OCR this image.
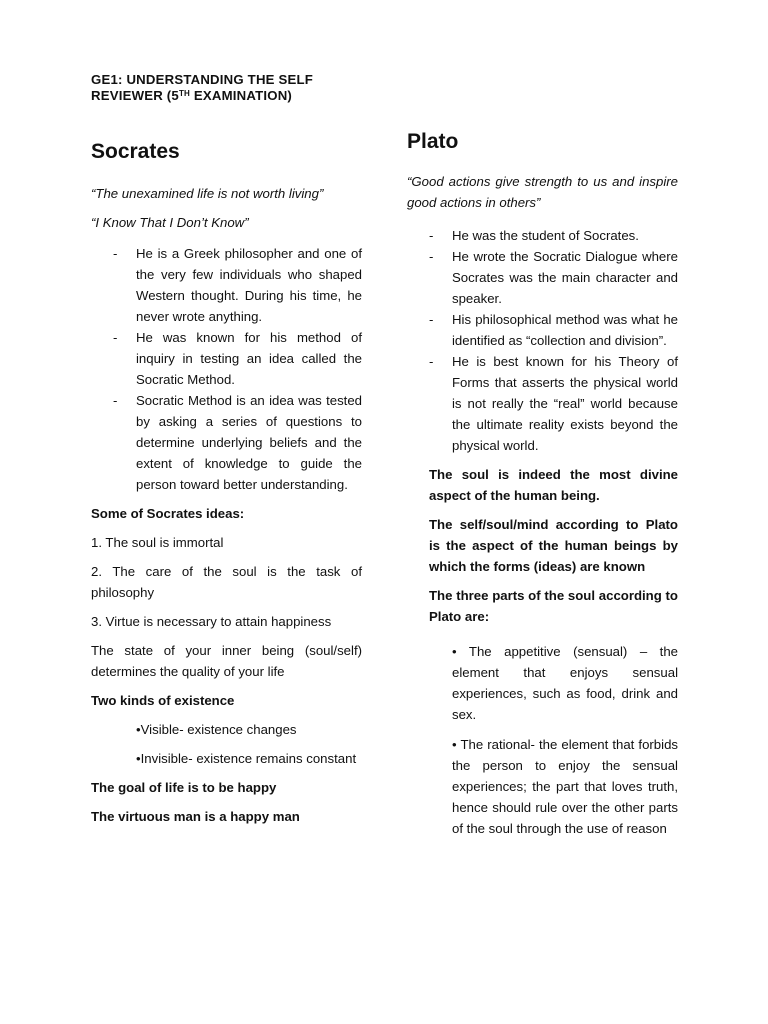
GE1: UNDERSTANDING THE SELF
REVIEWER (5TH EXAMINATION)
Socrates

“The unexamined life is not worth living”

“I Know That I Don’t Know”

- He is a Greek philosopher and one of the very few individuals who shaped Western thought. During his time, he never wrote anything.
- He was known for his method of inquiry in testing an idea called the Socratic Method.
- Socratic Method is an idea was tested by asking a series of questions to determine underlying beliefs and the extent of knowledge to guide the person toward better understanding.

Some of Socrates ideas:

1. The soul is immortal

2. The care of the soul is the task of philosophy

3. Virtue is necessary to attain happiness

The state of your inner being (soul/self) determines the quality of your life

Two kinds of existence

•Visible- existence changes

•Invisible- existence remains constant

The goal of life is to be happy

The virtuous man is a happy man

Plato

“Good actions give strength to us and inspire good actions in others”

- He was the student of Socrates.
- He wrote the Socratic Dialogue where Socrates was the main character and speaker.
- His philosophical method was what he identified as “collection and division”.
- He is best known for his Theory of Forms that asserts the physical world is not really the “real” world because the ultimate reality exists beyond the physical world.

The soul is indeed the most divine aspect of the human being.

The self/soul/mind according to Plato is the aspect of the human beings by which the forms (ideas) are known

The three parts of the soul according to Plato are:

• The appetitive (sensual) – the element that enjoys sensual experiences, such as food, drink and sex.

• The rational- the element that forbids the person to enjoy the sensual experiences; the part that loves truth, hence should rule over the other parts of the soul through the use of reason
